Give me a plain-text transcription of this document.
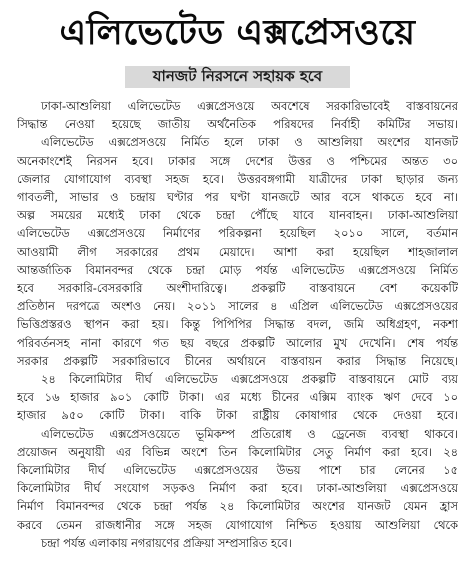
এলিভেটেড এক্সপ্রেসওয়ে
যানজট নিরসনে সহায়ক হবে
ঢাকা-আশুলিয়া এলিভেটেড এক্সপ্রেসওয়ে অবশেষে সরকারিভাবেই বাস্তবায়নের
সিদ্ধান্ত নেওয়া হয়েছে জাতীয় অর্থনৈতিক পরিষদের নির্বাহী কমিটির সভায়।
এলিভেটেড এক্সপ্রেসওয়ে নির্মিত হলে ঢাকা ও আশুলিয়া অংশের যানজট
অনেকাংশেই নিরসন হবে। ঢাকার সঙ্গে দেশের উত্তর ও পশ্চিমের অন্তত ৩০
জেলার যোগাযোগ ব্যবস্থা সহজ হবে। উত্তরবঙ্গগামী যাত্রীদের ঢাকা ছাড়ার জন্য
গাবতলী, সাভার ও চন্দ্রায় ঘণ্টার পর ঘণ্টা যানজটে আর বসে থাকতে হবে না।
অল্প সময়ের মধ্যেই ঢাকা থেকে চন্দ্রা পৌঁছে যাবে যানবাহন। ঢাকা-আশুলিয়া
এলিভেটেড এক্সপ্রেসওয়ে নির্মাণের পরিকল্পনা হয়েছিল ২০১০ সালে, বর্তমান
আওয়ামী লীগ সরকারের প্রথম মেয়াদে। আশা করা হয়েছিল শাহজালাল
আন্তর্জাতিক বিমানবন্দর থেকে চন্দ্রা মোড় পর্যন্ত এলিভেটেড এক্সপ্রেসওয়ে নির্মিত
হবে সরকারি-বেসরকারি অংশীদারিত্বে। প্রকল্পটি বাস্তবায়নে বেশ কয়েকটি
প্রতিষ্ঠান দরপত্রে অংশও নেয়। ২০১১ সালের ৪ এপ্রিল এলিভেটেড এক্সপ্রেসওয়ের
ভিত্তিপ্রস্তরও স্থাপন করা হয়। কিন্তু পিপিপির সিদ্ধান্ত বদল, জমি অধিগ্রহণ, নকশা
পরিবর্তনসহ নানা কারণে গত ছয় বছরে প্রকল্পটি আলোর মুখ দেখেনি। শেষ পর্যন্ত
সরকার প্রকল্পটি সরকারিভাবে চীনের অর্থায়নে বাস্তবায়ন করার সিদ্ধান্ত নিয়েছে।
২৪ কিলোমিটার দীর্ঘ এলিভেটেড এক্সপ্রেসওয়ে প্রকল্পটি বাস্তবায়নে মোট ব্যয়
হবে ১৬ হাজার ৯০১ কোটি টাকা। এর মধ্যে চীনের এক্সিম ব্যাংক ঋণ দেবে ১০
হাজার ৯৫০ কোটি টাকা। বাকি টাকা রাষ্ট্রীয় কোষাগার থেকে দেওয়া হবে।
এলিভেটেড এক্সপ্রেসওয়েতে ভূমিকম্প প্রতিরোধ ও ড্রেনেজ ব্যবস্থা থাকবে।
প্রয়োজন অনুযায়ী এর বিভিন্ন অংশে তিন কিলোমিটার সেতু নির্মাণ করা হবে। ২৪
কিলোমিটার দীর্ঘ এলিভেটেড এক্সপ্রেসওয়ের উভয় পাশে চার লেনের ১৫
কিলোমিটার দীর্ঘ সংযোগ সড়কও নির্মাণ করা হবে। ঢাকা-আশুলিয়া এক্সপ্রেসওয়ে
নির্মাণ বিমানবন্দর থেকে চন্দ্রা পর্যন্ত ২৪ কিলোমিটার অংশের যানজট যেমন হ্রাস
করবে তেমন রাজধানীর সঙ্গে সহজ যোগাযোগ নিশ্চিত হওয়ায় আশুলিয়া থেকে
চন্দ্রা পর্যন্ত এলাকায় নগরায়ণের প্রক্রিয়া সম্প্রসারিত হবে।
